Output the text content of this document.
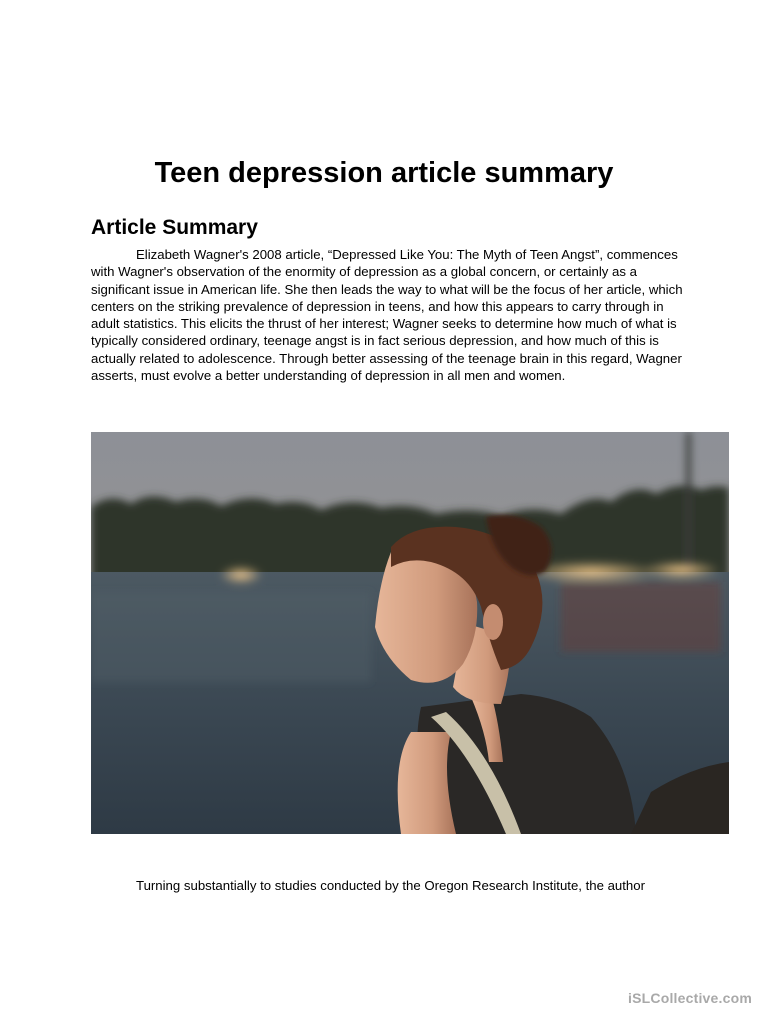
Teen depression article summary
Article Summary

Elizabeth Wagner's 2008 article, “Depressed Like You: The Myth of Teen Angst”, commences with Wagner's observation of the enormity of depression as a global concern, or certainly as a significant issue in American life. She then leads the way to what will be the focus of her article, which centers on the striking prevalence of depression in teens, and how this appears to carry through in adult statistics. This elicits the thrust of her interest; Wagner seeks to determine how much of what is typically considered ordinary, teenage angst is in fact serious depression, and how much of this is actually related to adolescence. Through better assessing of the teenage brain in this regard, Wagner asserts, must evolve a better understanding of depression in all men and women.

Turning substantially to studies conducted by the Oregon Research Institute, the author

iSLCollective.com
